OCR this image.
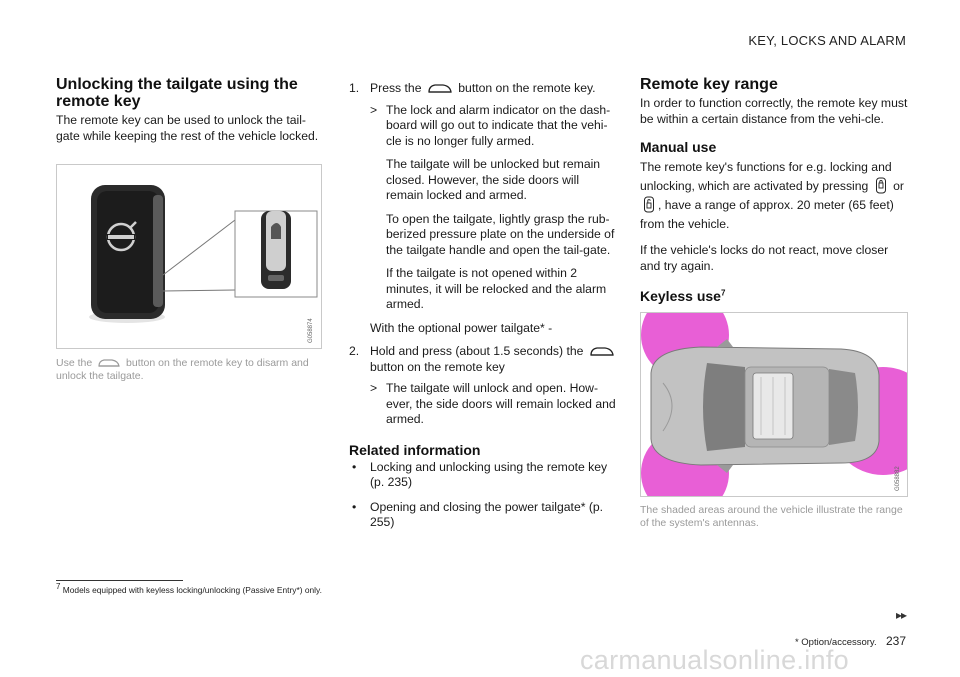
KEY, LOCKS AND ALARM
Unlocking the tailgate using the remote key

The remote key can be used to unlock the tail-gate while keeping the rest of the vehicle locked.

G058874
Use the	button on the remote key to disarm and unlock the tailgate.
1. Press the	button on the remote key.
> The lock and alarm indicator on the dash-board will go out to indicate that the vehi-cle is no longer fully armed.
The tailgate will be unlocked but remain closed. However, the side doors will remain locked and armed.
To open the tailgate, lightly grasp the rub-berized pressure plate on the underside of the tailgate handle and open the tail-gate.
If the tailgate is not opened within 2 minutes, it will be relocked and the alarm armed.
With the optional power tailgate* -
2. Hold and press (about 1.5 seconds) the  button on the remote key
> The tailgate will unlock and open. How-ever, the side doors will remain locked and armed.
Related information
• Locking and unlocking using the remote key (p. 235)
• Opening and closing the power tailgate* (p. 255)
Remote key range

In order to function correctly, the remote key must be within a certain distance from the vehi-cle.

Manual use

The remote key's functions for e.g. locking and unlocking, which are activated by pressing or , have a range of approx. 20 meter (65 feet) from the vehicle.

If the vehicle's locks do not react, move closer and try again.

Keyless use$^7$
G058882
The shaded areas around the vehicle illustrate the range of the system's antennas.
$^7$ Models equipped with keyless locking/unlocking (Passive Entry*) only.
▸▸
* Option/accessory. 237
carmanualsonline.info
